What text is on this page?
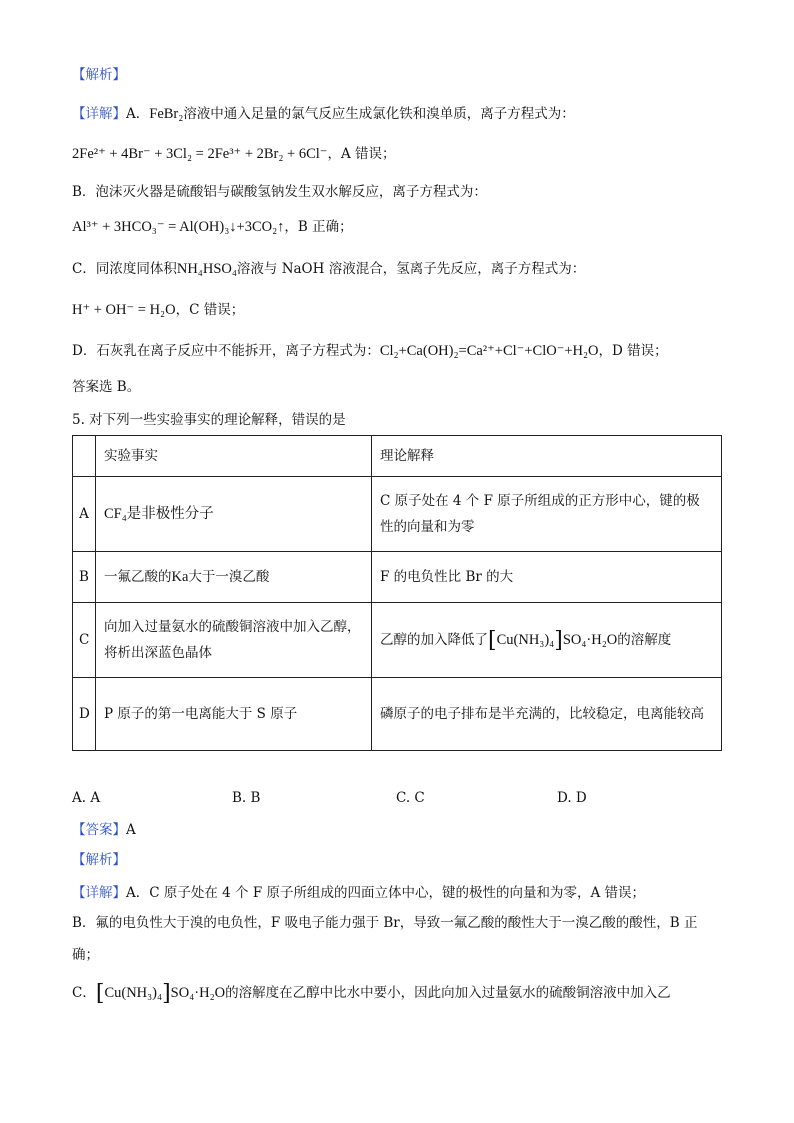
【解析】
【详解】A．FeBr₂溶液中通入足量的氯气反应生成氯化铁和溴单质，离子方程式为：
2Fe²⁺ + 4Br⁻ + 3Cl₂ = 2Fe³⁺ + 2Br₂ + 6Cl⁻，A 错误；
B．泡沫灭火器是硫酸铝与碳酸氢钠发生双水解反应，离子方程式为：
Al³⁺ + 3HCO₃⁻ = Al(OH)₃↓+3CO₂↑，B 正确；
C．同浓度同体积NH₄HSO₄溶液与 NaOH 溶液混合，氢离子先反应，离子方程式为：
H⁺ + OH⁻ = H₂O，C 错误；
D．石灰乳在离子反应中不能拆开，离子方程式为：Cl₂+Ca(OH)₂=Ca²⁺+Cl⁻+ClO⁻+H₂O，D 错误；
答案选 B。
5. 对下列一些实验事实的理论解释，错误的是
	实验事实	理论解释
A	CF₄是非极性分子	C 原子处在 4 个 F 原子所组成的正方形中心，键的极性的向量和为零
B	一氟乙酸的Ka大于一溴乙酸	F 的电负性比 Br 的大
C	向加入过量氨水的硫酸铜溶液中加入乙醇，将析出深蓝色晶体	乙醇的加入降低了[Cu(NH₃)₄]SO₄·H₂O的溶解度
D	P 原子的第一电离能大于 S 原子	磷原子的电子排布是半充满的，比较稳定，电离能较高
A. A	B. B	C. C	D. D
【答案】A
【解析】
【详解】A．C 原子处在 4 个 F 原子所组成的四面立体中心，键的极性的向量和为零，A 错误；
B．氟的电负性大于溴的电负性，F 吸电子能力强于 Br，导致一氟乙酸的酸性大于一溴乙酸的酸性，B 正
确；
C．[Cu(NH₃)₄]SO₄·H₂O的溶解度在乙醇中比水中要小，因此向加入过量氨水的硫酸铜溶液中加入乙
